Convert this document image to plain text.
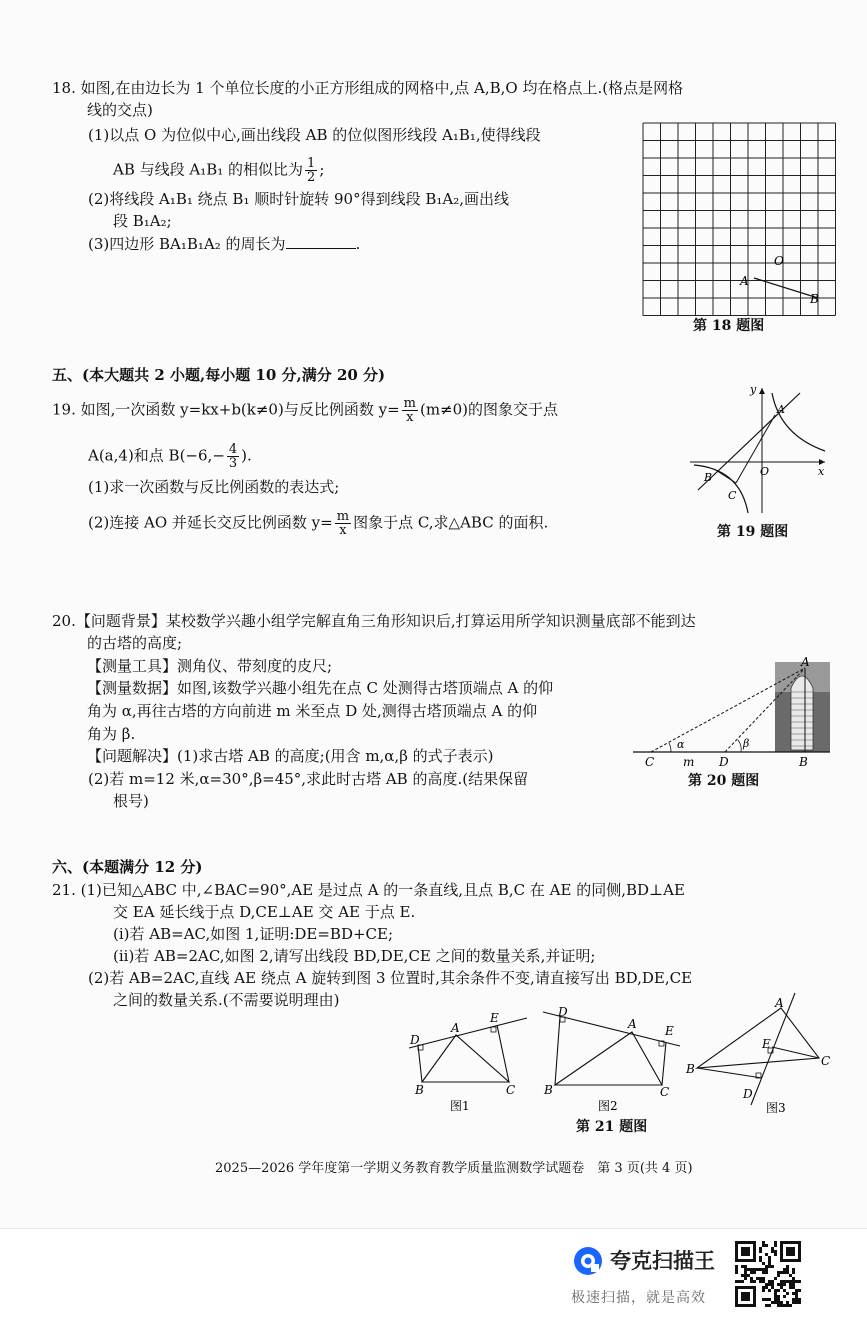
18. 如图,在由边长为 1 个单位长度的小正方形组成的网格中,点 A,B,O 均在格点上.(格点是网格
线的交点)
(1)以点 O 为位似中心,画出线段 AB 的位似图形线段 A₁B₁,使得线段
AB 与线段 A₁B₁ 的相似比为 $\frac{1}{2}$ ;
(2)将线段 A₁B₁ 绕点 B₁ 顺时针旋转 90°得到线段 B₁A₂,画出线
段 B₁A₂;
(3)四边形 BA₁B₁A₂ 的周长为	.
A
O
B
第 18 题图
五、(本大题共 2 小题,每小题 10 分,满分 20 分)
19. 如图,一次函数 y=kx+b(k≠0)与反比例函数 $y= \frac{m}{x} (m\ne 0)$的图象交于点
A(a,4)和点 $B(-6,- \frac{4}{3}$ ).
(1)求一次函数与反比例函数的表达式;
(2)连接 AO 并延长交反比例函数 $y= \frac{m}{x}$ 图象于点 C,求△ABC 的面积.
y
x
A
O
B
C
第 19 题图
20.【问题背景】某校数学兴趣小组学完解直角三角形知识后,打算运用所学知识测量底部不能到达
的古塔的高度;
【测量工具】测角仪、带刻度的皮尺;
【测量数据】如图,该数学兴趣小组先在点 C 处测得古塔顶端点 A 的仰
角为 α,再往古塔的方向前进 m 米至点 D 处,测得古塔顶端点 A 的仰
角为 β.
【问题解决】(1)求古塔 AB 的高度;(用含 m,α,β 的式子表示)
(2)若 m=12 米,α=30°,β=45°,求此时古塔 AB 的高度.(结果保留
根号)
A
α	β
C m D	B
第 20 题图
六、(本题满分 12 分)
21. (1)已知△ABC 中,∠BAC=90°,AE 是过点 A 的一条直线,且点 B,C 在 AE 的同侧,BD⊥AE
交 EA 延长线于点 D,CE⊥AE 交 AE 于点 E.
(i)若 AB=AC,如图 1,证明:DE=BD+CE;
(ii)若 AB=2AC,如图 2,请写出线段 BD,DE,CE 之间的数量关系,并证明;
(2)若 AB=2AC,直线 AE 绕点 A 旋转到图 3 位置时,其余条件不变,请直接写出 BD,DE,CE
之间的数量关系.(不需要说明理由)
D
A
E
B	C
图1
D
A E
B	C
图2
A
E
B
C
D
图3
第 21 题图
2025—2026 学年度第一学期义务教育教学质量监测数学试题卷　第 3 页(共 4 页)
夸克扫描王
极速扫描，就是高效
